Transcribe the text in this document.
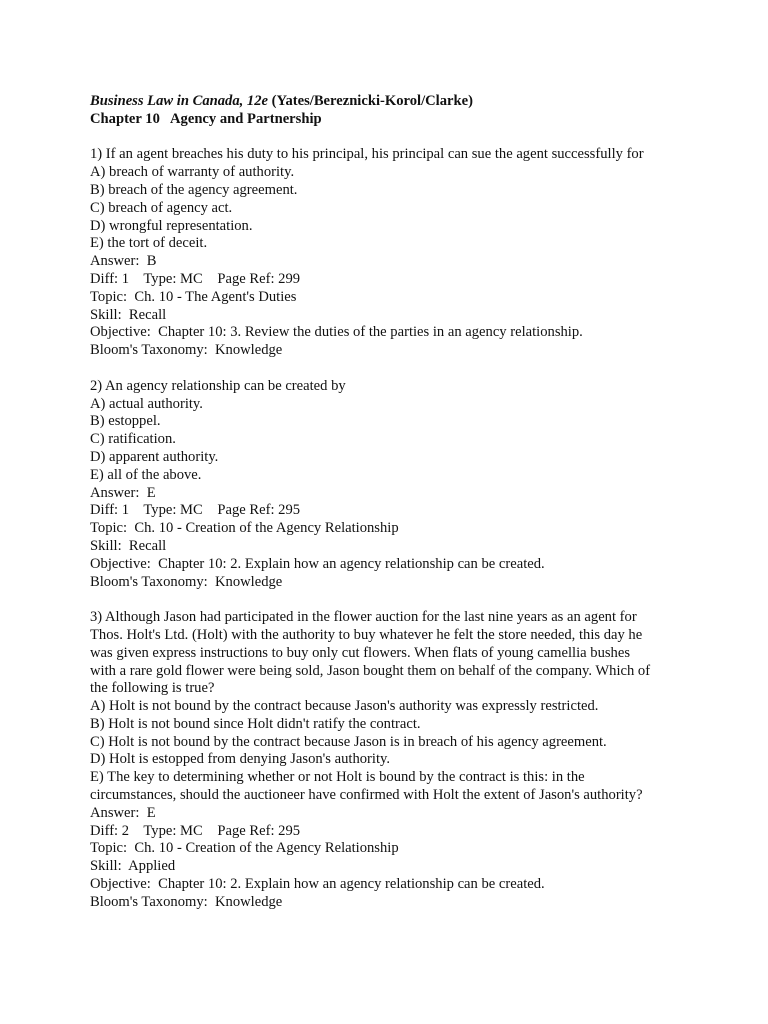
Business Law in Canada, 12e (Yates/Bereznicki-Korol/Clarke)
Chapter 10   Agency and Partnership
1) If an agent breaches his duty to his principal, his principal can sue the agent successfully for
A) breach of warranty of authority.
B) breach of the agency agreement.
C) breach of agency act.
D) wrongful representation.
E) the tort of deceit.
Answer:  B
Diff: 1    Type: MC    Page Ref: 299
Topic:  Ch. 10 - The Agent's Duties
Skill:  Recall
Objective:  Chapter 10: 3. Review the duties of the parties in an agency relationship.
Bloom's Taxonomy:  Knowledge
2) An agency relationship can be created by
A) actual authority.
B) estoppel.
C) ratification.
D) apparent authority.
E) all of the above.
Answer:  E
Diff: 1    Type: MC    Page Ref: 295
Topic:  Ch. 10 - Creation of the Agency Relationship
Skill:  Recall
Objective:  Chapter 10: 2. Explain how an agency relationship can be created.
Bloom's Taxonomy:  Knowledge
3) Although Jason had participated in the flower auction for the last nine years as an agent for
Thos. Holt's Ltd. (Holt) with the authority to buy whatever he felt the store needed, this day he
was given express instructions to buy only cut flowers. When flats of young camellia bushes
with a rare gold flower were being sold, Jason bought them on behalf of the company. Which of
the following is true?
A) Holt is not bound by the contract because Jason's authority was expressly restricted.
B) Holt is not bound since Holt didn't ratify the contract.
C) Holt is not bound by the contract because Jason is in breach of his agency agreement.
D) Holt is estopped from denying Jason's authority.
E) The key to determining whether or not Holt is bound by the contract is this: in the
circumstances, should the auctioneer have confirmed with Holt the extent of Jason's authority?
Answer:  E
Diff: 2    Type: MC    Page Ref: 295
Topic:  Ch. 10 - Creation of the Agency Relationship
Skill:  Applied
Objective:  Chapter 10: 2. Explain how an agency relationship can be created.
Bloom's Taxonomy:  Knowledge
